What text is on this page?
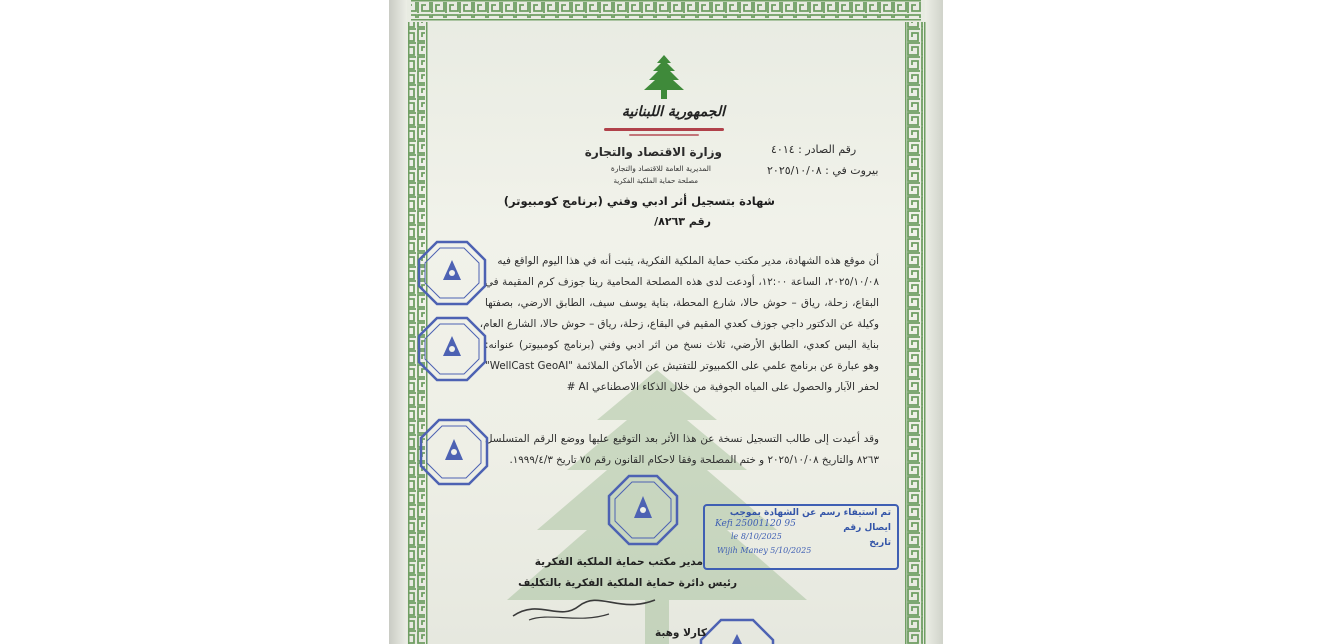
الجمهورية اللبنانية
وزارة الاقتصاد والتجارة
المديرية العامة للاقتصاد والتجارة
مصلحة حماية الملكية الفكرية
رقم الصادر : ٤٠١٤
بيروت في : ٢٠٢٥/١٠/٠٨
شهادة بتسجيل أثر ادبي وفني (برنامج كومبيوتر)
رقم ٨٢٦٣/
أن موقع هذه الشهادة، مدير مكتب حماية الملكية الفكرية، يثبت أنه في هذا اليوم الواقع فيه
٢٠٢٥/١٠/٠٨، الساعة ١٢:٠٠، أودعت لدى هذه المصلحة المحامية رينا جوزف كرم المقيمة في
البقاع، زحلة، رياق – حوش حالا، شارع المحطة، بناية يوسف سيف، الطابق الارضي، بصفتها
وكيلة عن الدكتور داجي جوزف كعدي المقيم في البقاع، زحلة، رياق – حوش حالا، الشارع العام،
بناية اليس كعدي، الطابق الأرضي، ثلاث نسخ من اثر ادبي وفني (برنامج كومبيوتر) عنوانه:
"WellCast GeoAI" وهو عبارة عن برنامج علمي على الكمبيوتر للتفتيش عن الأماكن الملائمة
لحفر الآبار والحصول على المياه الجوفية من خلال الذكاء الاصطناعي AI #
وقد أعيدت إلى طالب التسجيل نسخة عن هذا الأثر بعد التوقيع عليها ووضع الرقم المتسلسل
٨٢٦٣ والتاريخ ٢٠٢٥/١٠/٠٨ و ختم المصلحة وفقا لاحكام القانون رقم ٧٥ تاريخ ١٩٩٩/٤/٣.
تم استيفاء رسم عن الشهادة بموجب
ايصال رقم
تاريخ
Kefi 25001120 95
le 8/10/2025
Wijih Maney 5/10/2025
مدير مكتب حماية الملكية الفكرية
رئيس دائرة حماية الملكية الفكرية بالتكليف
كارلا وهبة
